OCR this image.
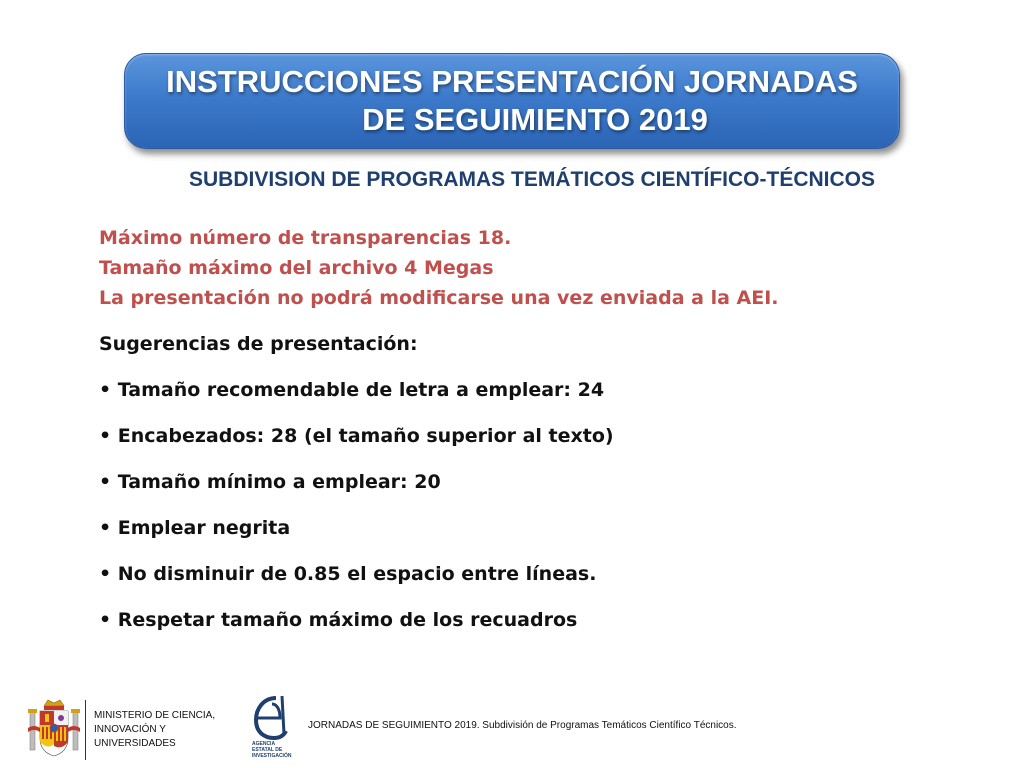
INSTRUCCIONES PRESENTACIÓN JORNADAS
DE SEGUIMIENTO 2019
SUBDIVISION DE PROGRAMAS TEMÁTICOS CIENTÍFICO-TÉCNICOS
Máximo número de transparencias 18.
Tamaño máximo del archivo 4 Megas
La presentación no podrá modificarse una vez enviada a la AEI.
Sugerencias de presentación:
• Tamaño recomendable de letra a emplear: 24
• Encabezados: 28 (el tamaño superior al texto)
• Tamaño mínimo a emplear: 20
• Emplear negrita
• No disminuir de 0.85 el espacio entre líneas.
• Respetar tamaño máximo de los recuadros
MINISTERIO DE CIENCIA,
INNOVACIÓN Y
UNIVERSIDADES	AGENCIA
ESTATAL DE
INVESTIGACIÓN
JORNADAS DE SEGUIMIENTO 2019. Subdivisión de Programas Temáticos Científico Técnicos.
